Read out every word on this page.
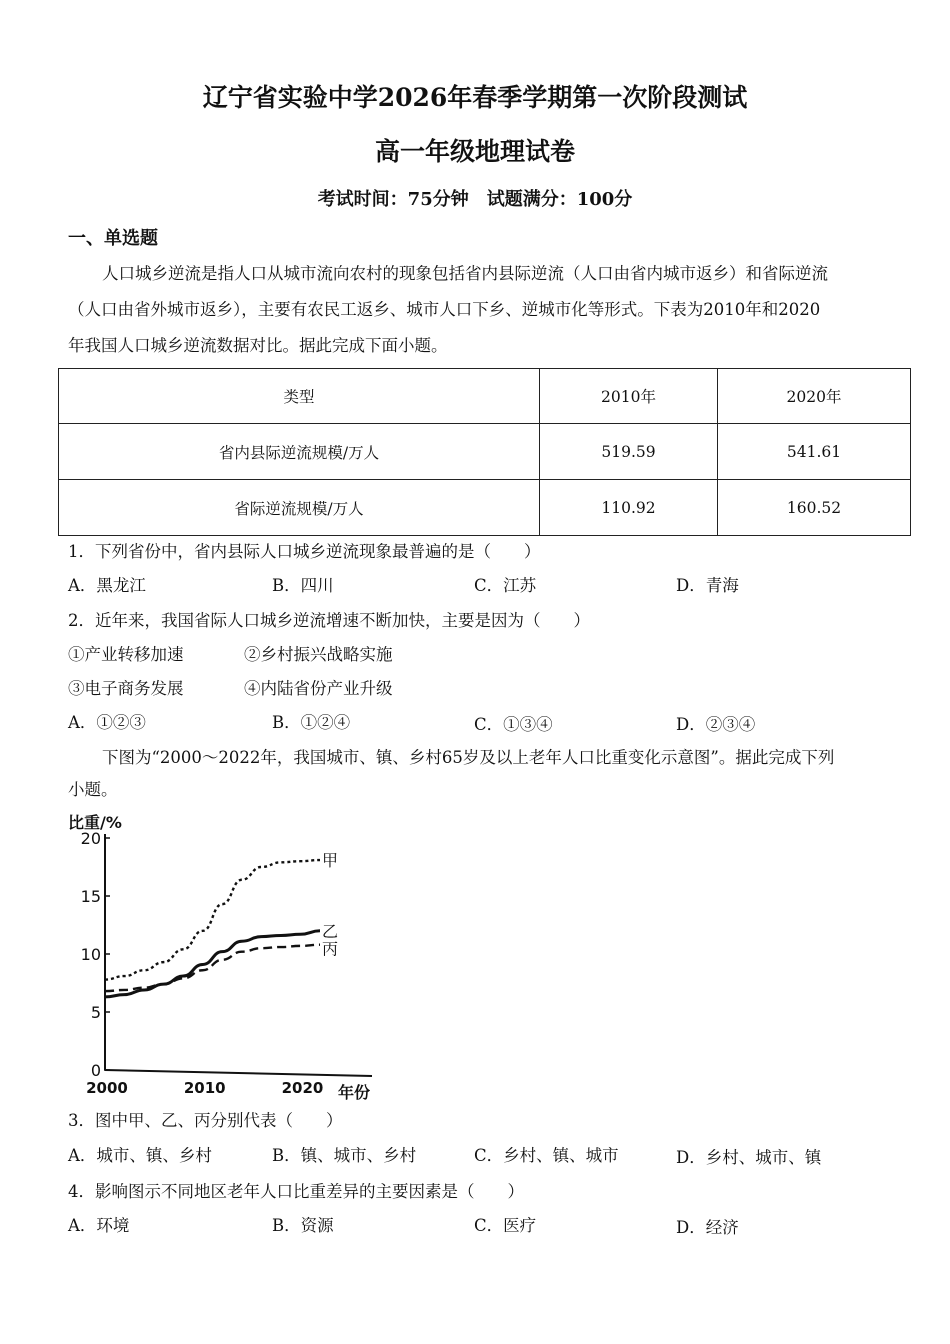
辽宁省实验中学2026年春季学期第一次阶段测试
高一年级地理试卷
考试时间：75分钟　试题满分：100分
一、单选题
人口城乡逆流是指人口从城市流向农村的现象包括省内县际逆流（人口由省内城市返乡）和省际逆流
（人口由省外城市返乡），主要有农民工返乡、城市人口下乡、逆城市化等形式。下表为2010年和2020
年我国人口城乡逆流数据对比。据此完成下面小题。
类型	2010年	2020年
省内县际逆流规模/万人	519.59	541.61
省际逆流规模/万人	110.92	160.52
1．下列省份中，省内县际人口城乡逆流现象最普遍的是（　　）
A．黑龙江	B．四川	C．江苏	D．青海
2．近年来，我国省际人口城乡逆流增速不断加快，主要是因为（　　）
①产业转移加速	②乡村振兴战略实施
③电子商务发展	④内陆省份产业升级
A．①②③	B．①②④	C．①③④	D．②③④
下图为“2000～2022年，我国城市、镇、乡村65岁及以上老年人口比重变化示意图”。据此完成下列
小题。
0
5
10
15
20
2000	2010	2020
比重/%
年份
甲
乙
丙
3．图中甲、乙、丙分别代表（　　）
A．城市、镇、乡村	B．镇、城市、乡村	C．乡村、镇、城市	D．乡村、城市、镇
4．影响图示不同地区老年人口比重差异的主要因素是（　　）
A．环境	B．资源	C．医疗	D．经济
